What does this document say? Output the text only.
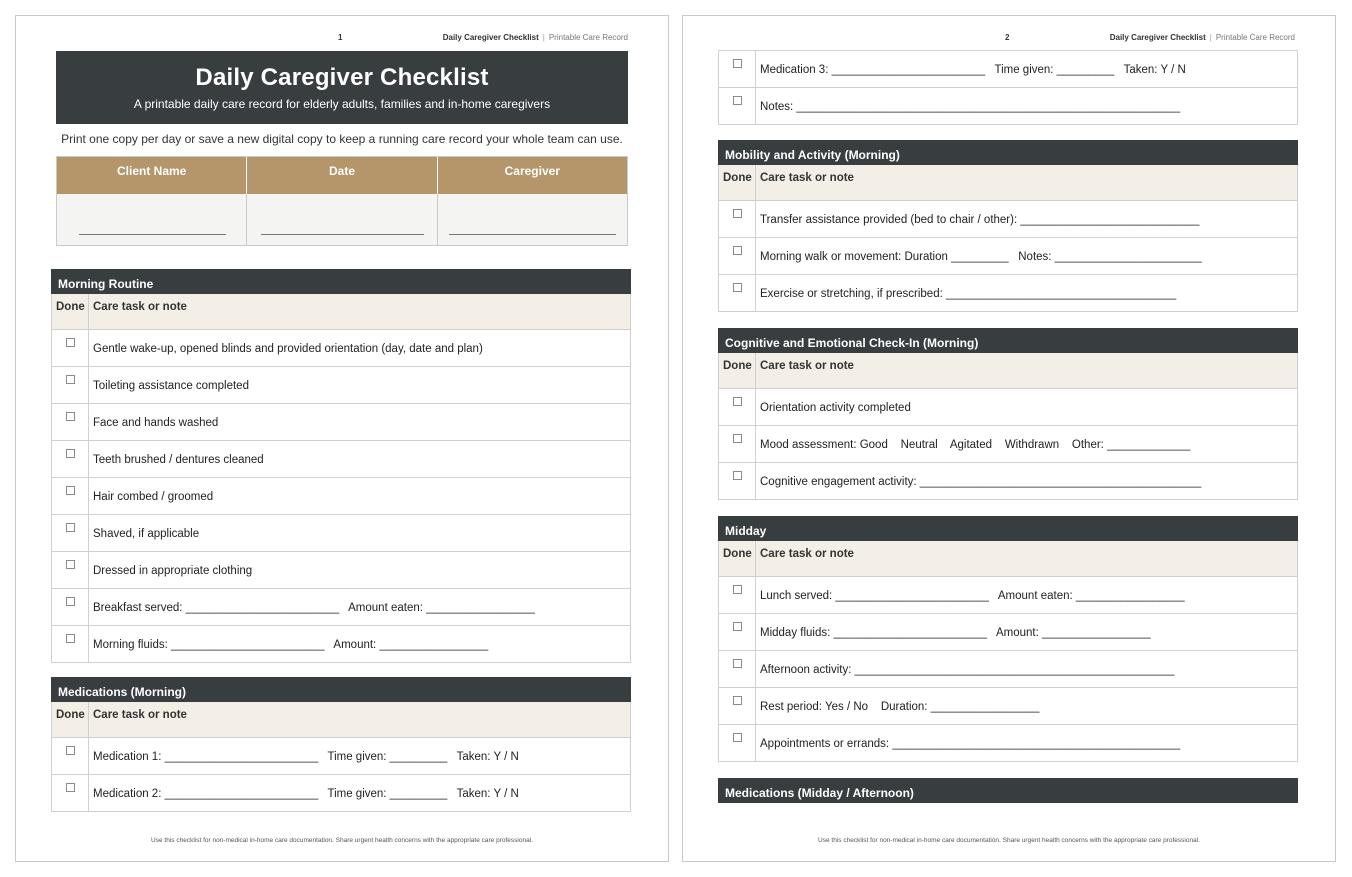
1	Daily Caregiver Checklist | Printable Care Record
Daily Caregiver Checklist
A printable daily care record for elderly adults, families and in-home caregivers
Print one copy per day or save a new digital copy to keep a running care record your whole team can use.
Client Name	Date	Caregiver
Morning Routine
Done Care task or note
Gentle wake-up, opened blinds and provided orientation (day, date and plan)
Toileting assistance completed
Face and hands washed
Teeth brushed / dentures cleaned
Hair combed / groomed
Shaved, if applicable
Dressed in appropriate clothing
Breakfast served: ________________________   Amount eaten: _________________
Morning fluids: ________________________   Amount: _________________
Medications (Morning)
Done Care task or note
Medication 1: ________________________   Time given: _________   Taken: Y / N
Medication 2: ________________________   Time given: _________   Taken: Y / N
Use this checklist for non-medical in-home care documentation. Share urgent health concerns with the appropriate care professional.
2	Daily Caregiver Checklist | Printable Care Record
Medication 3: ________________________   Time given: _________   Taken: Y / N
Notes: ____________________________________________________________
Mobility and Activity (Morning)
Done Care task or note
Transfer assistance provided (bed to chair / other): ____________________________
Morning walk or movement: Duration _________   Notes: _______________________
Exercise or stretching, if prescribed: ____________________________________
Cognitive and Emotional Check-In (Morning)
Done Care task or note
Orientation activity completed
Mood assessment: Good    Neutral    Agitated    Withdrawn    Other: _____________
Cognitive engagement activity: ____________________________________________
Midday
Done Care task or note
Lunch served: ________________________   Amount eaten: _________________
Midday fluids: ________________________   Amount: _________________
Afternoon activity: __________________________________________________
Rest period: Yes / No    Duration: _________________
Appointments or errands: _____________________________________________
Medications (Midday / Afternoon)
Use this checklist for non-medical in-home care documentation. Share urgent health concerns with the appropriate care professional.
